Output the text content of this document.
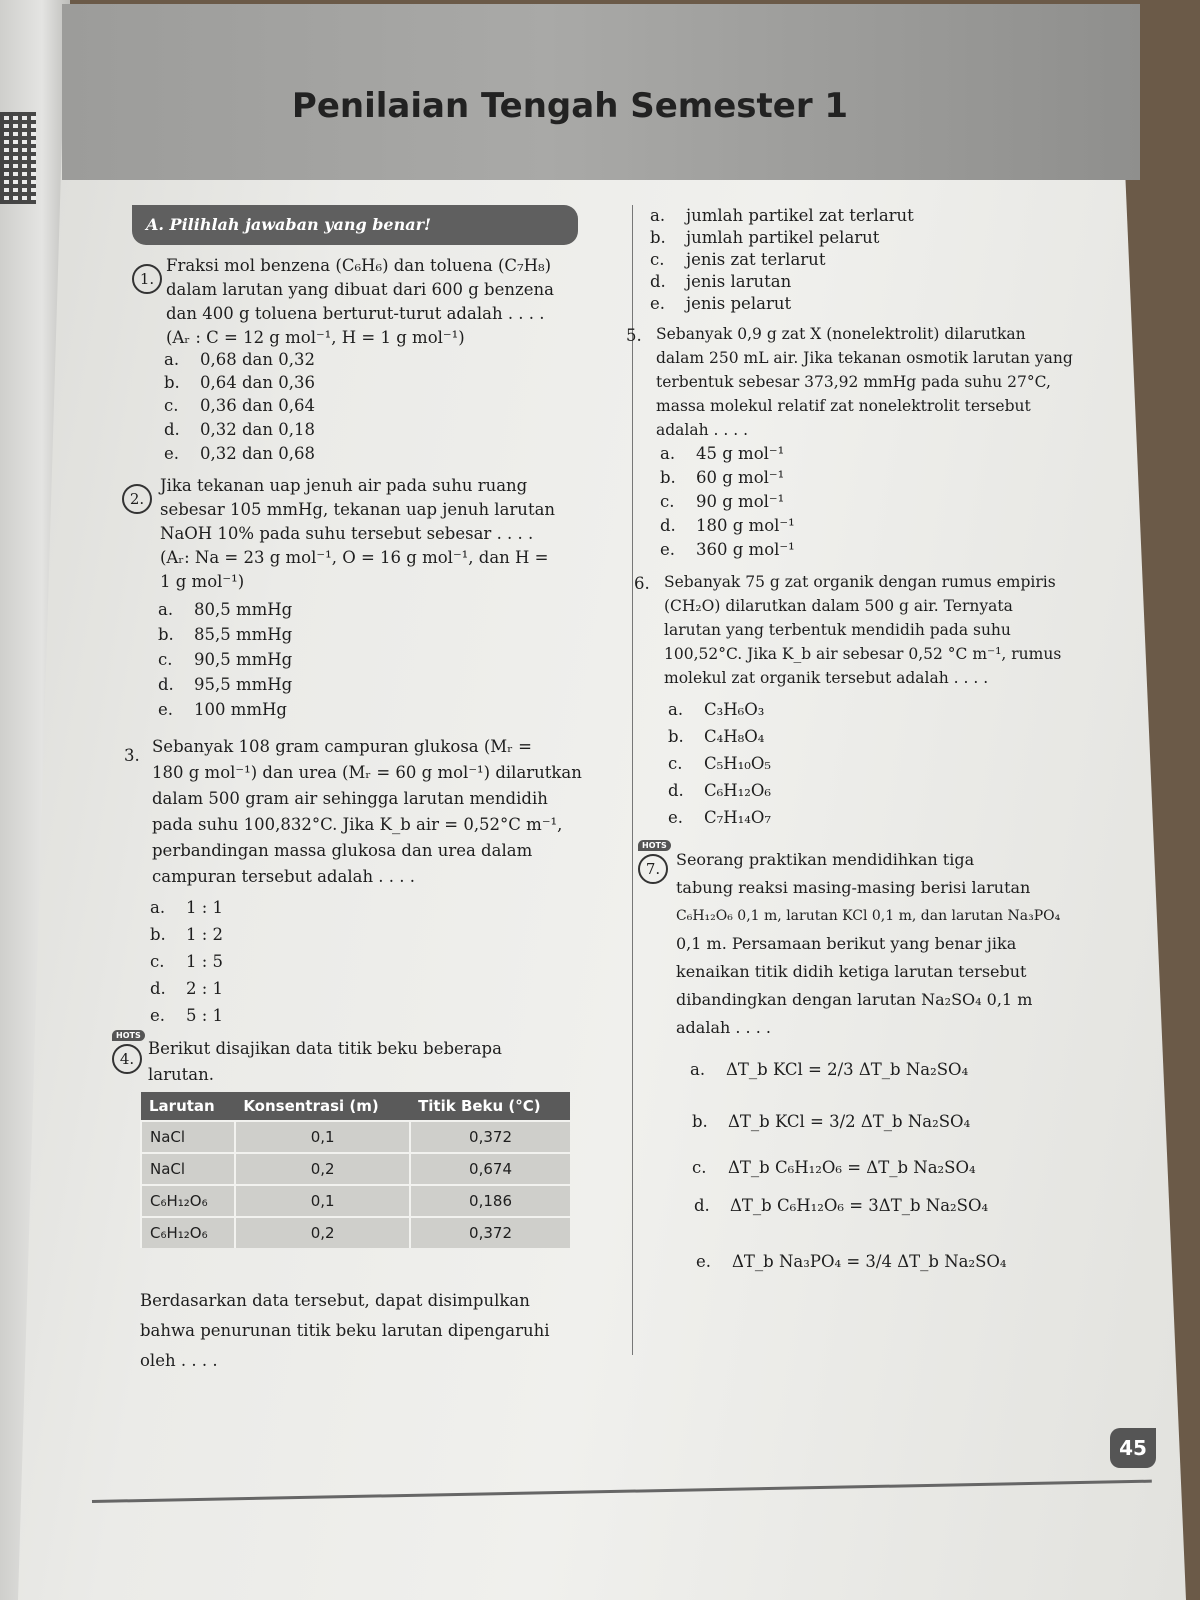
Penilaian Tengah Semester 1
A. Pilihlah jawaban yang benar!
1.

Fraksi mol benzena (C₆H₆) dan toluena (C₇H₈)

dalam larutan yang dibuat dari 600 g benzena

dan 400 g toluena berturut-turut adalah . . . .

(Aᵣ : C = 12 g mol⁻¹, H = 1 g mol⁻¹)

a. 0,68 dan 0,32
b. 0,64 dan 0,36
c. 0,36 dan 0,64
d. 0,32 dan 0,18
e. 0,32 dan 0,68
2.

Jika tekanan uap jenuh air pada suhu ruang

sebesar 105 mmHg, tekanan uap jenuh larutan

NaOH 10% pada suhu tersebut sebesar . . . .

(Aᵣ: Na = 23 g mol⁻¹, O = 16 g mol⁻¹, dan H =

1 g mol⁻¹)

a. 80,5 mmHg
b. 85,5 mmHg
c. 90,5 mmHg
d. 95,5 mmHg
e. 100 mmHg
3. Sebanyak 108 gram campuran glukosa (Mᵣ =

180 g mol⁻¹) dan urea (Mᵣ = 60 g mol⁻¹) dilarutkan

dalam 500 gram air sehingga larutan mendidih

pada suhu 100,832°C. Jika K_b air = 0,52°C m⁻¹,

perbandingan massa glukosa dan urea dalam

campuran tersebut adalah . . . .

a. 1 : 1
b. 1 : 2
c. 1 : 5
d. 2 : 1
e. 5 : 1
HOTS
4.

Berikut disajikan data titik beku beberapa

larutan.

Larutan	Konsentrasi (m)	Titik Beku (°C)
NaCl	0,1	0,372
NaCl	0,2	0,674
C₆H₁₂O₆	0,1	0,186
C₆H₁₂O₆	0,2	0,372

Berdasarkan data tersebut, dapat disimpulkan

bahwa penurunan titik beku larutan dipengaruhi

oleh . . . .

a. jumlah partikel zat terlarut
b. jumlah partikel pelarut
c. jenis zat terlarut
d. jenis larutan
e. jenis pelarut
5. Sebanyak 0,9 g zat X (nonelektrolit) dilarutkan

dalam 250 mL air. Jika tekanan osmotik larutan yang

terbentuk sebesar 373,92 mmHg pada suhu 27°C,

massa molekul relatif zat nonelektrolit tersebut

adalah . . . .

a. 45 g mol⁻¹
b. 60 g mol⁻¹
c. 90 g mol⁻¹
d. 180 g mol⁻¹
e. 360 g mol⁻¹
6. Sebanyak 75 g zat organik dengan rumus empiris

(CH₂O) dilarutkan dalam 500 g air. Ternyata

larutan yang terbentuk mendidih pada suhu

100,52°C. Jika K_b air sebesar 0,52 °C m⁻¹, rumus

molekul zat organik tersebut adalah . . . .

a. C₃H₆O₃
b. C₄H₈O₄
c. C₅H₁₀O₅
d. C₆H₁₂O₆
e. C₇H₁₄O₇
HOTS
7. Seorang praktikan mendidihkan tiga

tabung reaksi masing-masing berisi larutan

C₆H₁₂O₆ 0,1 m, larutan KCl 0,1 m, dan larutan Na₃PO₄

0,1 m. Persamaan berikut yang benar jika

kenaikan titik didih ketiga larutan tersebut

dibandingkan dengan larutan Na₂SO₄ 0,1 m

adalah . . . .

a. ΔT_b KCl = 2/3 ΔT_b Na₂SO₄
b. ΔT_b KCl = 3/2 ΔT_b Na₂SO₄
c. ΔT_b C₆H₁₂O₆ = ΔT_b Na₂SO₄
d. ΔT_b C₆H₁₂O₆ = 3ΔT_b Na₂SO₄
e. ΔT_b Na₃PO₄ = 3/4 ΔT_b Na₂SO₄
45
